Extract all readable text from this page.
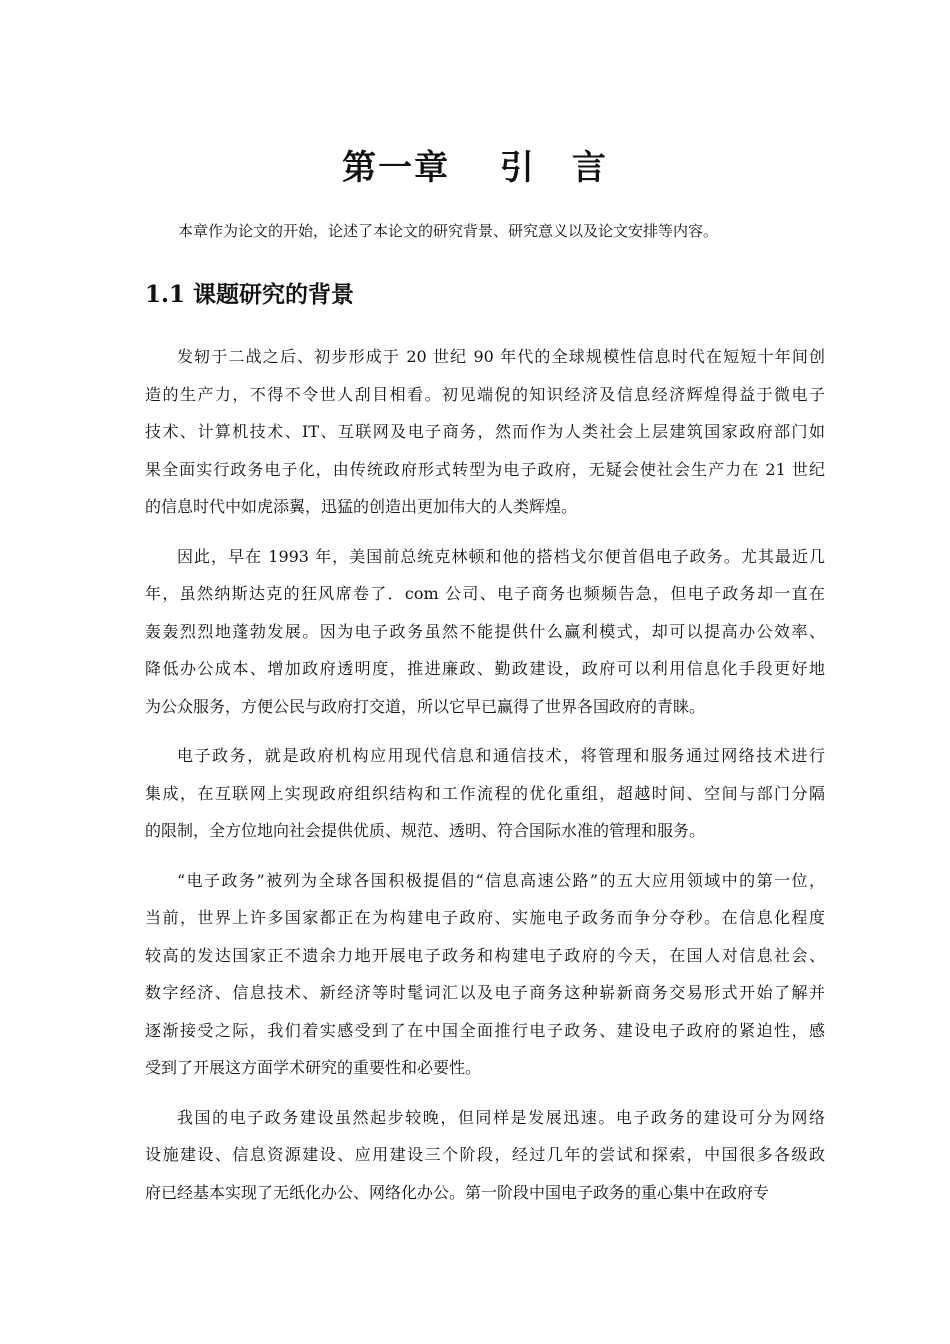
第一章　 引　言

本章作为论文的开始，论述了本论文的研究背景、研究意义以及论文安排等内容。

1.1 课题研究的背景
发轫于二战之后、初步形成于 20 世纪 90 年代的全球规模性信息时代在短短十年间创
造的生产力，不得不令世人刮目相看。初见端倪的知识经济及信息经济辉煌得益于微电子
技术、计算机技术、IT、互联网及电子商务，然而作为人类社会上层建筑国家政府部门如
果全面实行政务电子化，由传统政府形式转型为电子政府，无疑会使社会生产力在 21 世纪
的信息时代中如虎添翼，迅猛的创造出更加伟大的人类辉煌。
因此，早在 1993 年，美国前总统克林顿和他的搭档戈尔便首倡电子政务。尤其最近几
年，虽然纳斯达克的狂风席卷了．com 公司、电子商务也频频告急，但电子政务却一直在
轰轰烈烈地蓬勃发展。因为电子政务虽然不能提供什么赢利模式，却可以提高办公效率、
降低办公成本、增加政府透明度，推进廉政、勤政建设，政府可以利用信息化手段更好地
为公众服务，方便公民与政府打交道，所以它早已赢得了世界各国政府的青睐。
电子政务，就是政府机构应用现代信息和通信技术，将管理和服务通过网络技术进行
集成，在互联网上实现政府组织结构和工作流程的优化重组，超越时间、空间与部门分隔
的限制，全方位地向社会提供优质、规范、透明、符合国际水准的管理和服务。
“电子政务”被列为全球各国积极提倡的“信息高速公路”的五大应用领域中的第一位，
当前，世界上许多国家都正在为构建电子政府、实施电子政务而争分夺秒。在信息化程度
较高的发达国家正不遗余力地开展电子政务和构建电子政府的今天，在国人对信息社会、
数字经济、信息技术、新经济等时髦词汇以及电子商务这种崭新商务交易形式开始了解并
逐渐接受之际，我们着实感受到了在中国全面推行电子政务、建设电子政府的紧迫性，感
受到了开展这方面学术研究的重要性和必要性。
我国的电子政务建设虽然起步较晚，但同样是发展迅速。电子政务的建设可分为网络
设施建设、信息资源建设、应用建设三个阶段，经过几年的尝试和探索，中国很多各级政
府已经基本实现了无纸化办公、网络化办公。第一阶段中国电子政务的重心集中在政府专
